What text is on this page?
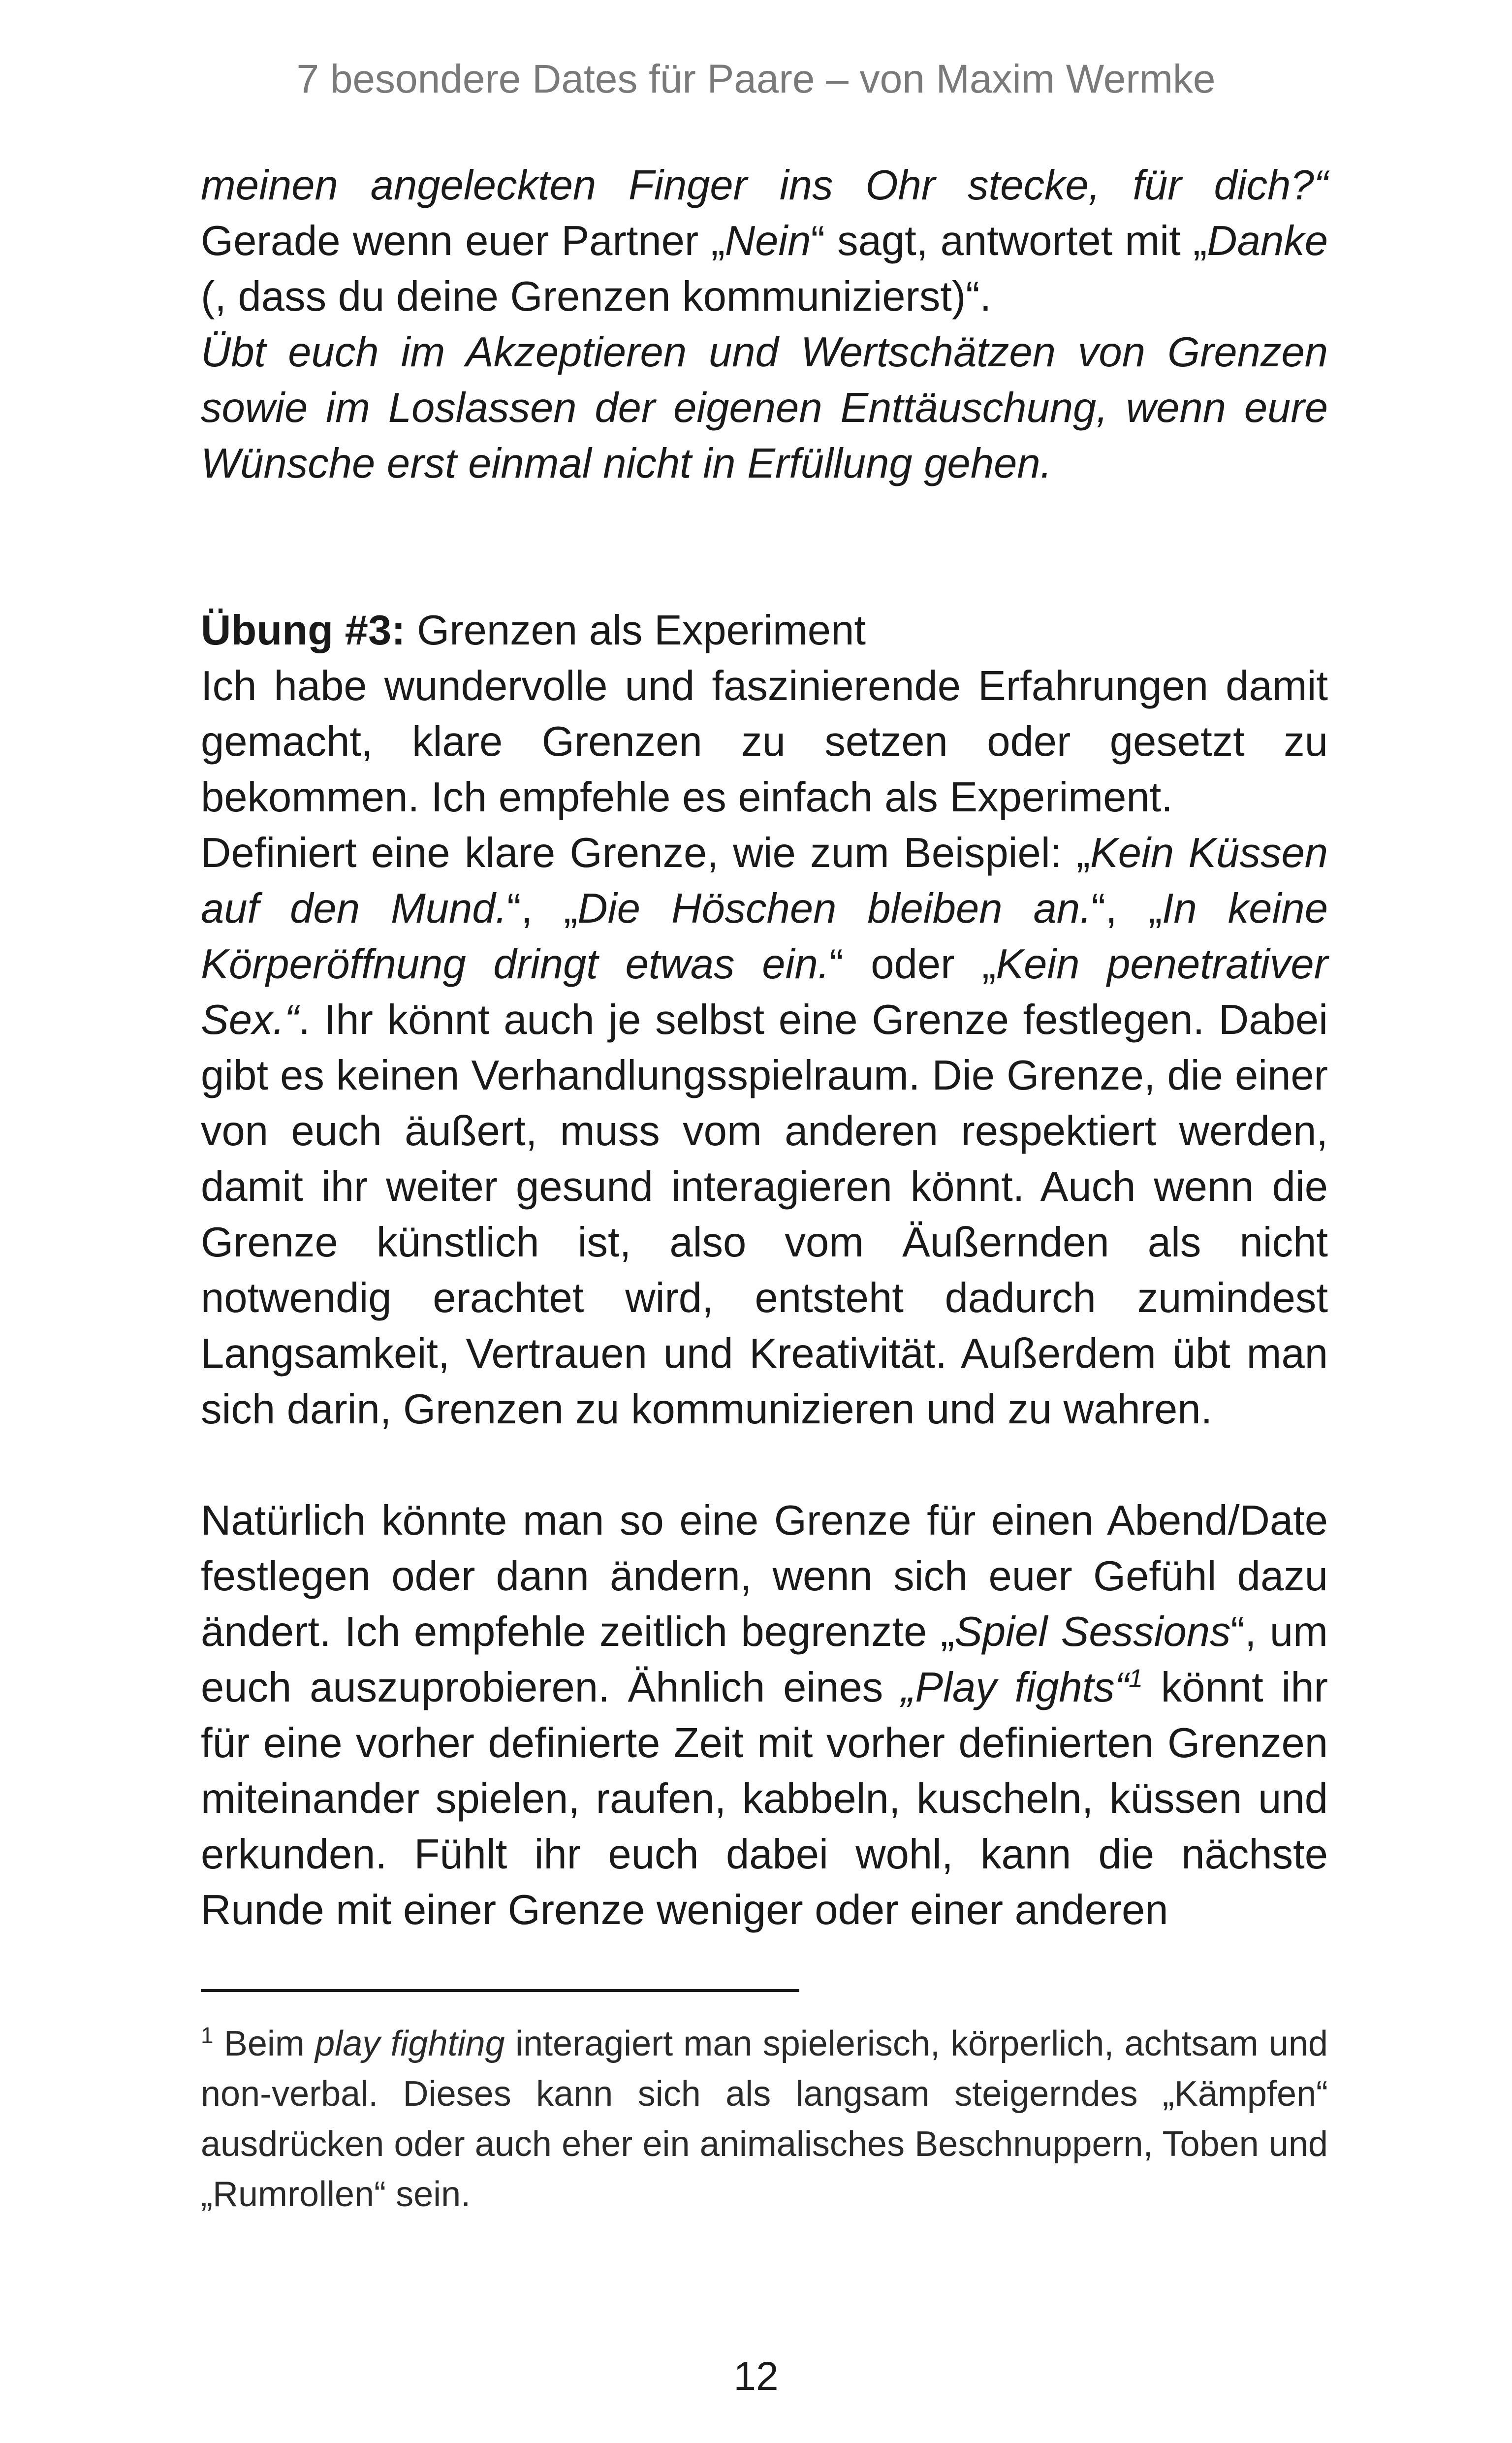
7 besondere Dates für Paare – von Maxim Wermke

meinen angeleckten Finger ins Ohr stecke, für dich?“ Gerade wenn euer Partner „Nein“ sagt, antwortet mit „Danke (, dass du deine Grenzen kommunizierst)“.

Übt euch im Akzeptieren und Wertschätzen von Grenzen sowie im Loslassen der eigenen Enttäuschung, wenn eure Wünsche erst einmal nicht in Erfüllung gehen.

Übung #3: Grenzen als Experiment

Ich habe wundervolle und faszinierende Erfahrungen damit gemacht, klare Grenzen zu setzen oder gesetzt zu bekommen. Ich empfehle es einfach als Experiment.

Definiert eine klare Grenze, wie zum Beispiel: „Kein Küssen auf den Mund.“, „Die Höschen bleiben an.“, „In keine Körperöffnung dringt etwas ein.“ oder „Kein penetrativer Sex.“. Ihr könnt auch je selbst eine Grenze festlegen. Dabei gibt es keinen Verhandlungsspielraum. Die Grenze, die einer von euch äußert, muss vom anderen respektiert werden, damit ihr weiter gesund interagieren könnt. Auch wenn die Grenze künstlich ist, also vom Äußernden als nicht notwendig erachtet wird, entsteht dadurch zumindest Langsamkeit, Vertrauen und Kreativität. Außerdem übt man sich darin, Grenzen zu kommunizieren und zu wahren.

Natürlich könnte man so eine Grenze für einen Abend/Date festlegen oder dann ändern, wenn sich euer Gefühl dazu ändert. Ich empfehle zeitlich begrenzte „Spiel Sessions“, um euch auszuprobieren. Ähnlich eines „Play fights“$^1$ könnt ihr für eine vorher definierte Zeit mit vorher definierten Grenzen miteinander spielen, raufen, kabbeln, kuscheln, küssen und erkunden. Fühlt ihr euch dabei wohl, kann die nächste Runde mit einer Grenze weniger oder einer anderen

$^1$ Beim play fighting interagiert man spielerisch, körperlich, achtsam und non-verbal. Dieses kann sich als langsam steigerndes „Kämpfen“ ausdrücken oder auch eher ein animalisches Beschnuppern, Toben und „Rumrollen“ sein.

12
